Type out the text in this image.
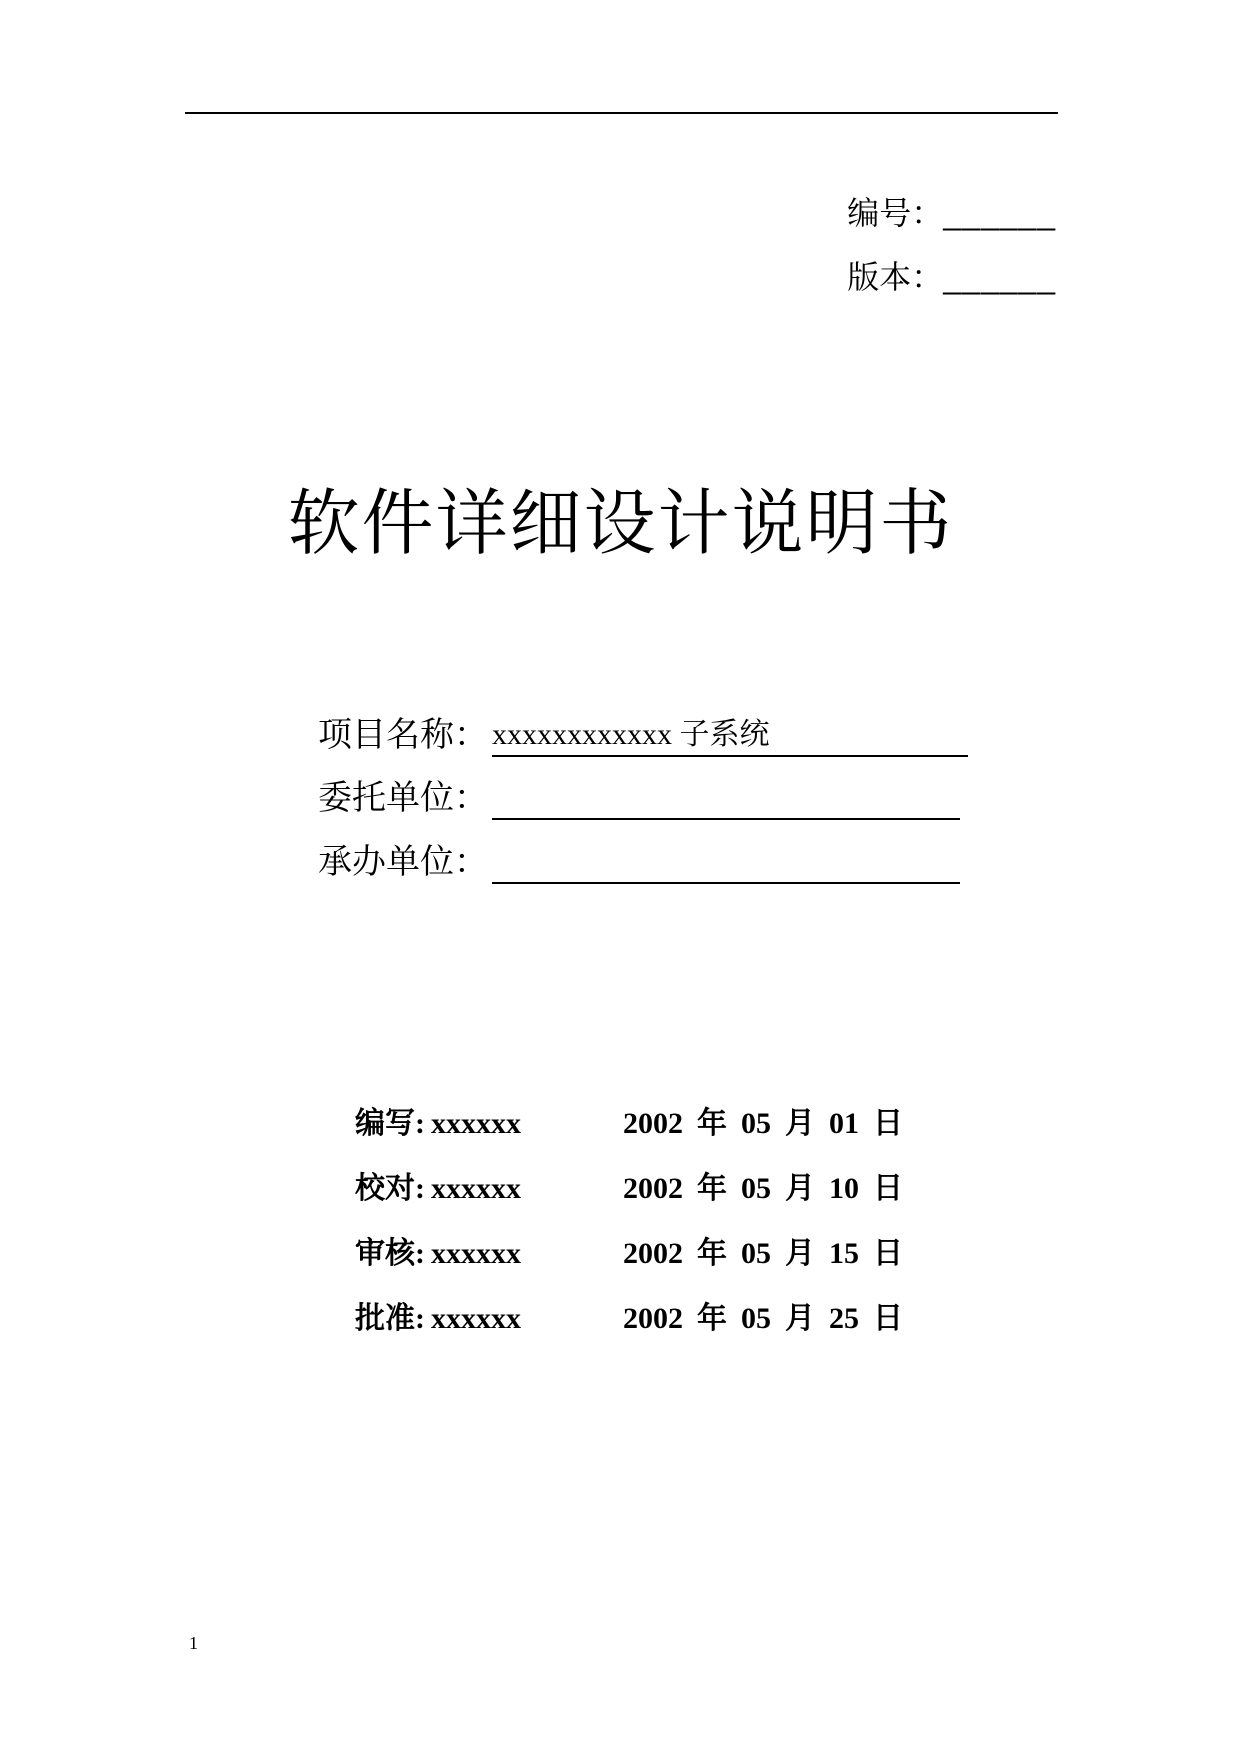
编号：______
版本：______
软件详细设计说明书
项目名称： xxxxxxxxxxxx 子系统
委托单位：
承办单位：
编写: xxxxxx	2002 年 05 月 01 日
校对: xxxxxx	2002 年 05 月 10 日
审核: xxxxxx	2002 年 05 月 15 日
批准: xxxxxx	2002 年 05 月 25 日
1
